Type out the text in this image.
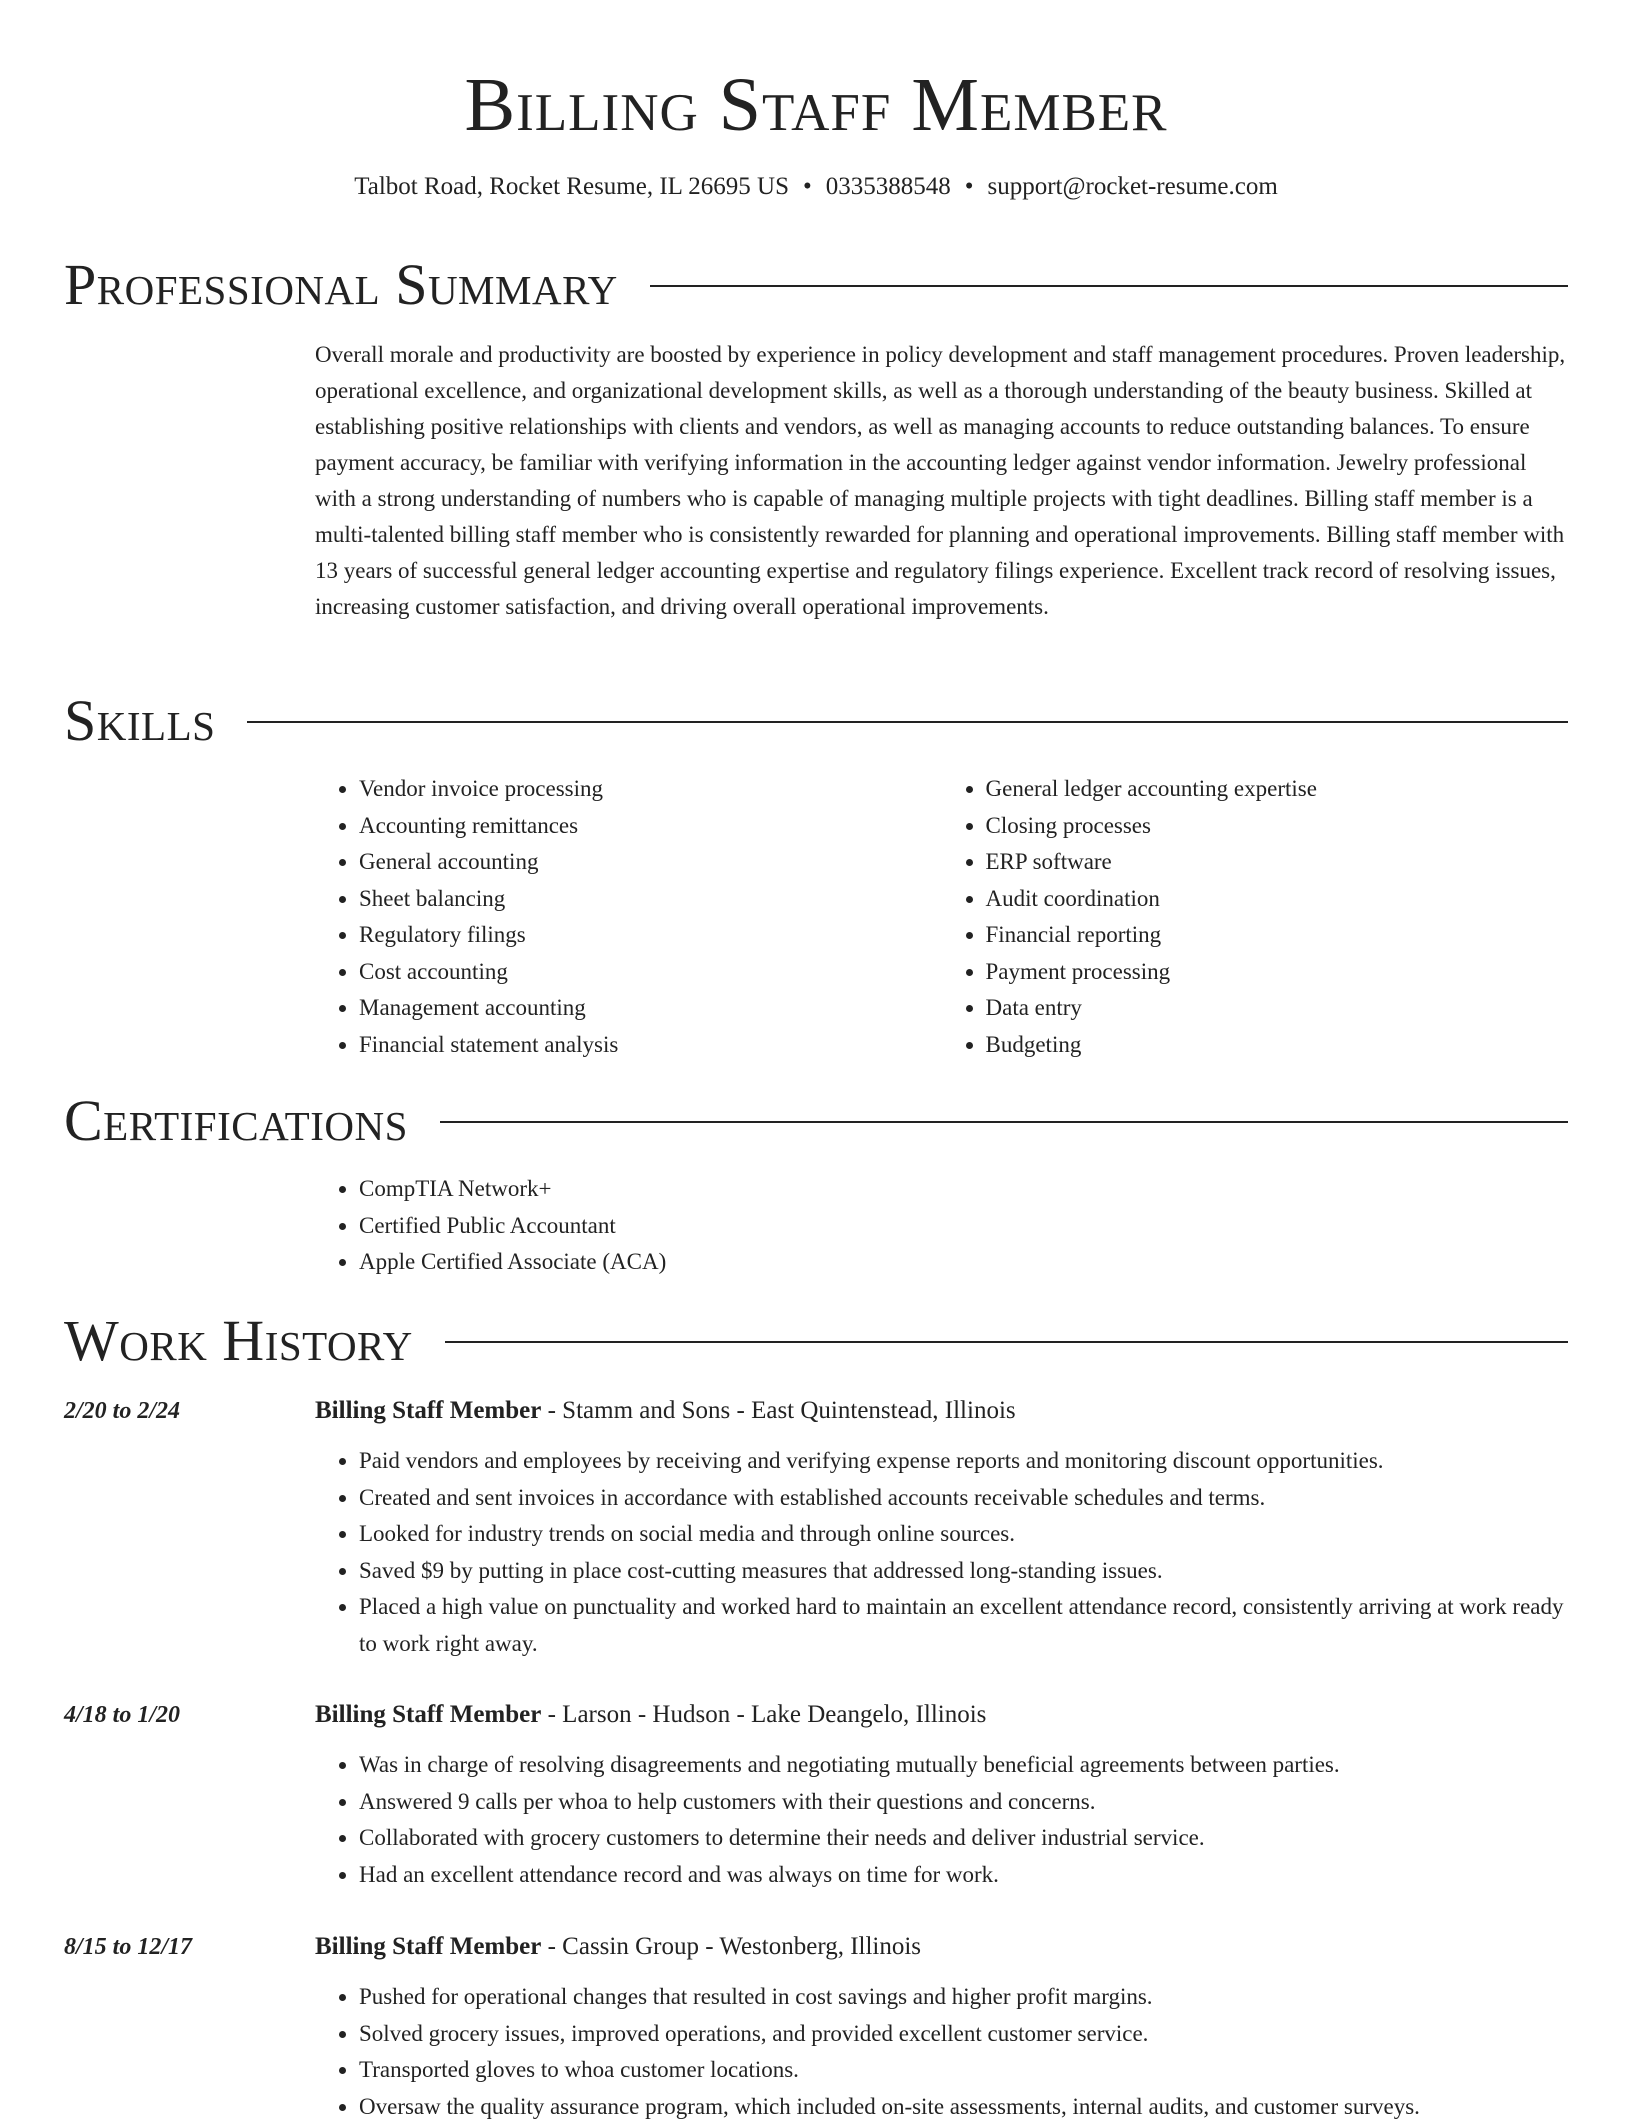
Billing Staff Member
Talbot Road, Rocket Resume, IL 26695 US • 0335388548 • support@rocket-resume.com
Professional Summary

Overall morale and productivity are boosted by experience in policy development and staff management procedures. Proven leadership, operational excellence, and organizational development skills, as well as a thorough understanding of the beauty business. Skilled at establishing positive relationships with clients and vendors, as well as managing accounts to reduce outstanding balances. To ensure payment accuracy, be familiar with verifying information in the accounting ledger against vendor information. Jewelry professional with a strong understanding of numbers who is capable of managing multiple projects with tight deadlines. Billing staff member is a multi-talented billing staff member who is consistently rewarded for planning and operational improvements. Billing staff member with 13 years of successful general ledger accounting expertise and regulatory filings experience. Excellent track record of resolving issues, increasing customer satisfaction, and driving overall operational improvements.

Skills
• Vendor invoice processing
• Accounting remittances
• General accounting
• Sheet balancing
• Regulatory filings
• Cost accounting
• Management accounting
• Financial statement analysis
• General ledger accounting expertise
• Closing processes
• ERP software
• Audit coordination
• Financial reporting
• Payment processing
• Data entry
• Budgeting
Certifications
• CompTIA Network+
• Certified Public Accountant
• Apple Certified Associate (ACA)
Work History
2/20 to 2/24	Billing Staff Member - Stamm and Sons - East Quintenstead, Illinois
• Paid vendors and employees by receiving and verifying expense reports and monitoring discount opportunities.
• Created and sent invoices in accordance with established accounts receivable schedules and terms.
• Looked for industry trends on social media and through online sources.
• Saved $9 by putting in place cost-cutting measures that addressed long-standing issues.
• Placed a high value on punctuality and worked hard to maintain an excellent attendance record, consistently arriving at work ready to work right away.
4/18 to 1/20	Billing Staff Member - Larson - Hudson - Lake Deangelo, Illinois
• Was in charge of resolving disagreements and negotiating mutually beneficial agreements between parties.
• Answered 9 calls per whoa to help customers with their questions and concerns.
• Collaborated with grocery customers to determine their needs and deliver industrial service.
• Had an excellent attendance record and was always on time for work.
8/15 to 12/17	Billing Staff Member - Cassin Group - Westonberg, Illinois
• Pushed for operational changes that resulted in cost savings and higher profit margins.
• Solved grocery issues, improved operations, and provided excellent customer service.
• Transported gloves to whoa customer locations.
• Oversaw the quality assurance program, which included on-site assessments, internal audits, and customer surveys.
